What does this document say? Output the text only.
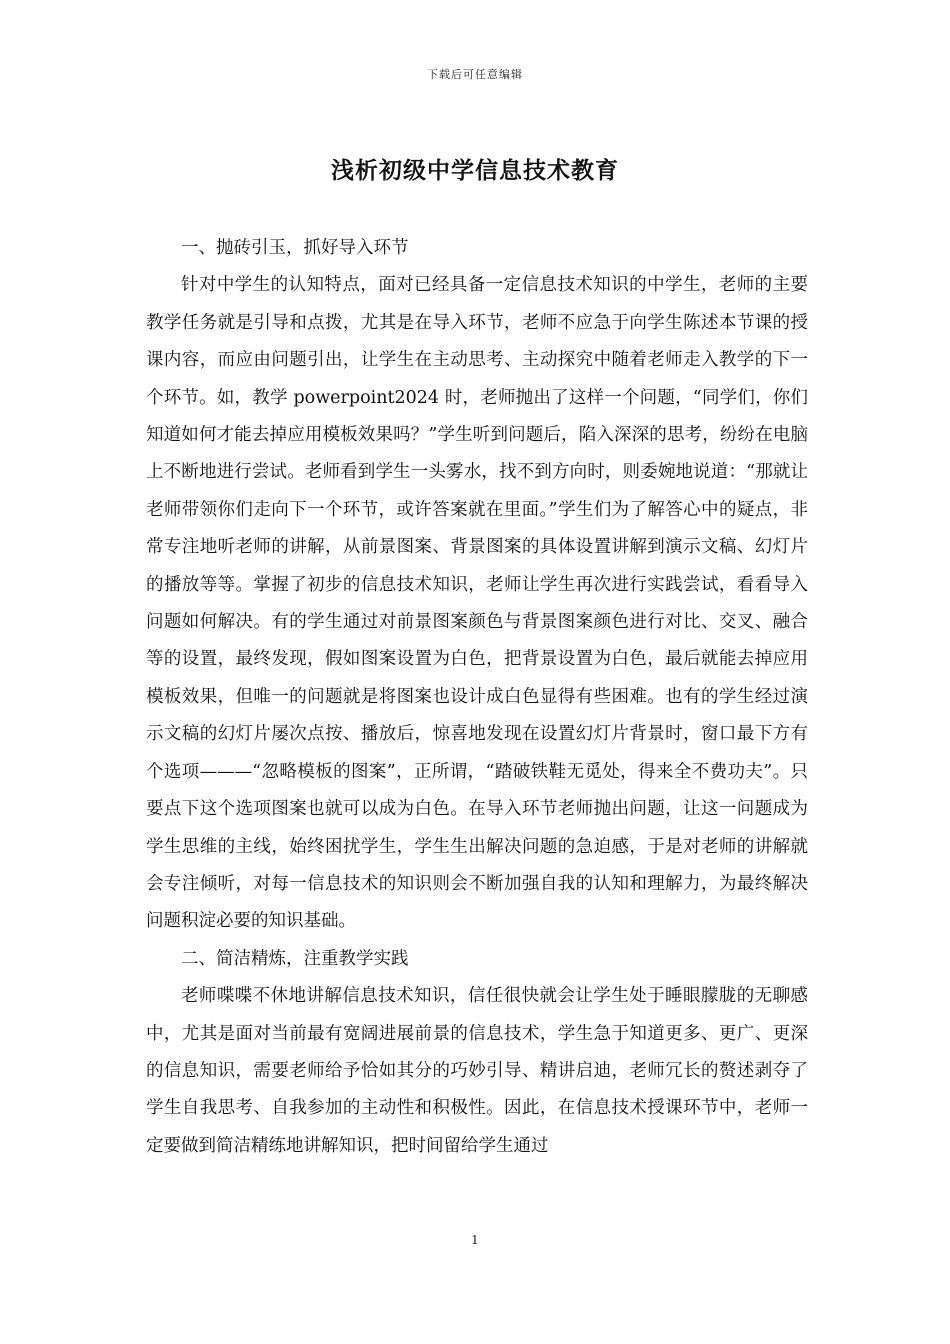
下载后可任意编辑
浅析初级中学信息技术教育

一、抛砖引玉，抓好导入环节

针对中学生的认知特点，面对已经具备一定信息技术知识的中学生，老师的主要教学任务就是引导和点拨，尤其是在导入环节，老师不应急于向学生陈述本节课的授课内容，而应由问题引出，让学生在主动思考、主动探究中随着老师走入教学的下一个环节。如，教学 powerpoint2024 时，老师抛出了这样一个问题，“同学们，你们知道如何才能去掉应用模板效果吗？”学生听到问题后，陷入深深的思考，纷纷在电脑上不断地进行尝试。老师看到学生一头雾水，找不到方向时，则委婉地说道：“那就让老师带领你们走向下一个环节，或许答案就在里面。”学生们为了解答心中的疑点，非常专注地听老师的讲解，从前景图案、背景图案的具体设置讲解到演示文稿、幻灯片的播放等等。掌握了初步的信息技术知识，老师让学生再次进行实践尝试，看看导入问题如何解决。有的学生通过对前景图案颜色与背景图案颜色进行对比、交叉、融合等的设置，最终发现，假如图案设置为白色，把背景设置为白色，最后就能去掉应用模板效果，但唯一的问题就是将图案也设计成白色显得有些困难。也有的学生经过演示文稿的幻灯片屡次点按、播放后，惊喜地发现在设置幻灯片背景时，窗口最下方有个选项———“忽略模板的图案”，正所谓，“踏破铁鞋无觅处，得来全不费功夫”。只要点下这个选项图案也就可以成为白色。在导入环节老师抛出问题，让这一问题成为学生思维的主线，始终困扰学生，学生生出解决问题的急迫感，于是对老师的讲解就会专注倾听，对每一信息技术的知识则会不断加强自我的认知和理解力，为最终解决问题积淀必要的知识基础。

二、简洁精炼，注重教学实践

老师喋喋不休地讲解信息技术知识，信任很快就会让学生处于睡眼朦胧的无聊感中，尤其是面对当前最有宽阔进展前景的信息技术，学生急于知道更多、更广、更深的信息知识，需要老师给予恰如其分的巧妙引导、精讲启迪，老师冗长的赘述剥夺了学生自我思考、自我参加的主动性和积极性。因此，在信息技术授课环节中，老师一定要做到简洁精练地讲解知识，把时间留给学生通过

1
